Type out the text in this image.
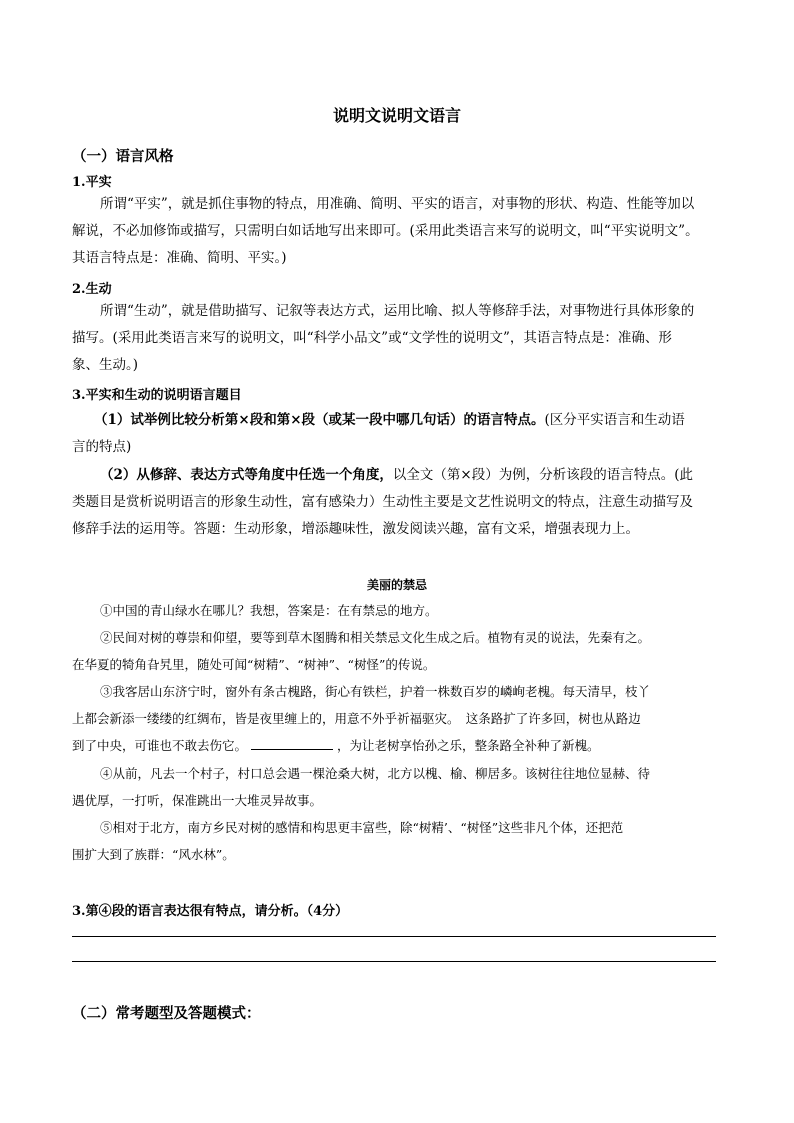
说明文说明文语言
（一）语言风格
1.平实
所谓“平实”，就是抓住事物的特点，用准确、简明、平实的语言，对事物的形状、构造、性能等加以
解说，不必加修饰或描写，只需明白如话地写出来即可。(采用此类语言来写的说明文，叫“平实说明文”。
其语言特点是：准确、简明、平实。)
2.生动
所谓“生动”，就是借助描写、记叙等表达方式，运用比喻、拟人等修辞手法，对事物进行具体形象的
描写。(采用此类语言来写的说明文，叫“科学小品文”或“文学性的说明文”，其语言特点是：准确、形
象、生动。)
3.平实和生动的说明语言题目
（1）试举例比较分析第×段和第×段（或某一段中哪几句话）的语言特点。(区分平实语言和生动语
言的特点)
（2）从修辞、表达方式等角度中任选一个角度，以全文（第×段）为例，分析该段的语言特点。(此
类题目是赏析说明语言的形象生动性，富有感染力）生动性主要是文艺性说明文的特点，注意生动描写及
修辞手法的运用等。答题：生动形象，增添趣味性，激发阅读兴趣，富有文采，增强表现力上。
美丽的禁忌
①中国的青山绿水在哪儿？我想，答案是：在有禁忌的地方。
②民间对树的尊崇和仰望，要等到草木图腾和相关禁忌文化生成之后。植物有灵的说法，先秦有之。
在华夏的犄角旮旯里，随处可闻“树精”、“树神”、“树怪”的传说。
③我客居山东济宁时，窗外有条古槐路，街心有铁栏，护着一株数百岁的嶙峋老槐。每天清早，枝丫
上都会新添一缕缕的红绸布，皆是夜里缠上的，用意不外乎祈福驱灾。　这条路扩了许多回，树也从路边
到了中央，可谁也不敢去伤它。	，为让老树享怡孙之乐，整条路全补种了新槐。
④从前，凡去一个村子，村口总会遇一棵沧桑大树，北方以槐、榆、柳居多。该树往往地位显赫、待
遇优厚，一打听，保准跳出一大堆灵异故事。
⑤相对于北方，南方乡民对树的感情和构思更丰富些，除“树精’、“树怪”这些非凡个体，还把范
围扩大到了族群：“风水林”。
3.第④段的语言表达很有特点，请分析。（4分）
（二）常考题型及答题模式：
